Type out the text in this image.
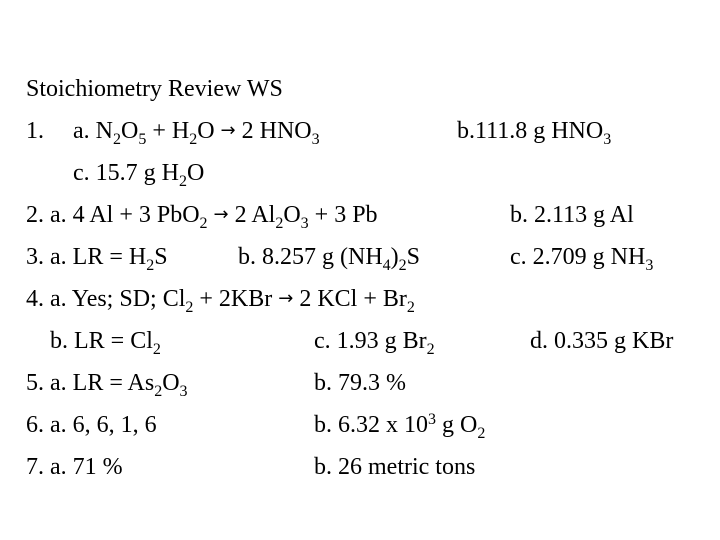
Stoichiometry Review WS
1. a. $N_2O_5 + H_2O \to 2$ $HNO_3$	b.111.8 g $HNO_3$
c. 15.7 g $H_2O$
2. a. 4 Al + 3 PbO$_2$ → 2 $Al_2O_3 + 3$ Pb	b. 2.113 g Al
3. a. LR = $H_2S$	b. 8.257 g $(NH_4)_2S$	c. 2.709 g $NH_3$
4. a. Yes; SD; $Cl_2 + 2KBr \to 2$ KCl + $Br_2$
b. LR = $Cl_2$	c. 1.93 g $Br_2$	d. 0.335 g KBr
5. a. LR = $As_2O_3$	b. 79.3 %
6. a. 6, 6, 1, 6	b. 6.32 x $10^3$ g $O_2$
7. a. 71 %	b. 26 metric tons
